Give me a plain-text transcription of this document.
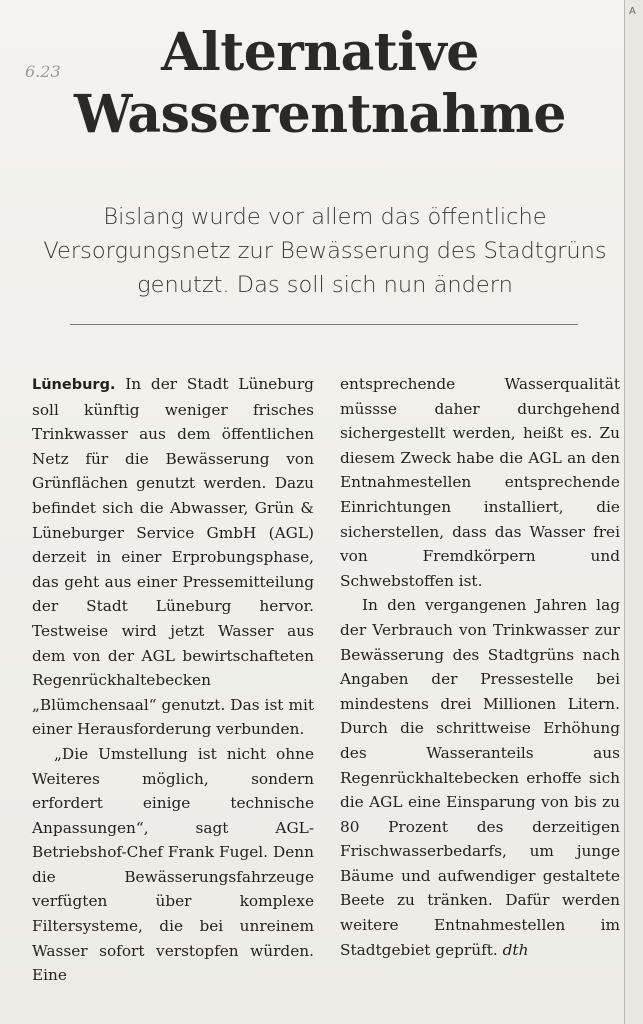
6.23
A
Alternative
Wasserentnahme
Bislang wurde vor allem das öffentliche Versorgungsnetz zur Bewässerung des Stadtgrüns genutzt. Das soll sich nun ändern

Lüneburg. In der Stadt Lüneburg soll künftig weniger frisches Trinkwasser aus dem öffentlichen Netz für die Bewässerung von Grünflächen genutzt werden. Dazu befindet sich die Abwasser, Grün & Lüneburger Service GmbH (AGL) derzeit in einer Erprobungsphase, das geht aus einer Pressemitteilung der Stadt Lüneburg hervor. Testweise wird jetzt Wasser aus dem von der AGL bewirtschafteten Regenrückhaltebecken „Blümchensaal“ genutzt. Das ist mit einer Herausforderung verbunden.

„Die Umstellung ist nicht ohne Weiteres möglich, sondern erfordert einige technische Anpassungen“, sagt AGL-Betriebshof-Chef Frank Fugel. Denn die Bewässerungsfahrzeuge verfügten über komplexe Filtersysteme, die bei unreinem Wasser sofort verstopfen würden. Eine

entsprechende Wasserqualität müssse daher durchgehend sichergestellt werden, heißt es. Zu diesem Zweck habe die AGL an den Entnahmestellen entsprechende Einrichtungen installiert, die sicherstellen, dass das Wasser frei von Fremdkörpern und Schwebstoffen ist.

In den vergangenen Jahren lag der Verbrauch von Trinkwasser zur Bewässerung des Stadtgrüns nach Angaben der Pressestelle bei mindestens drei Millionen Litern. Durch die schrittweise Erhöhung des Wasseranteils aus Regenrückhaltebecken erhoffe sich die AGL eine Einsparung von bis zu 80 Prozent des derzeitigen Frischwasserbedarfs, um junge Bäume und aufwendiger gestaltete Beete zu tränken. Dafür werden weitere Entnahmestellen im Stadtgebiet geprüft. dth
